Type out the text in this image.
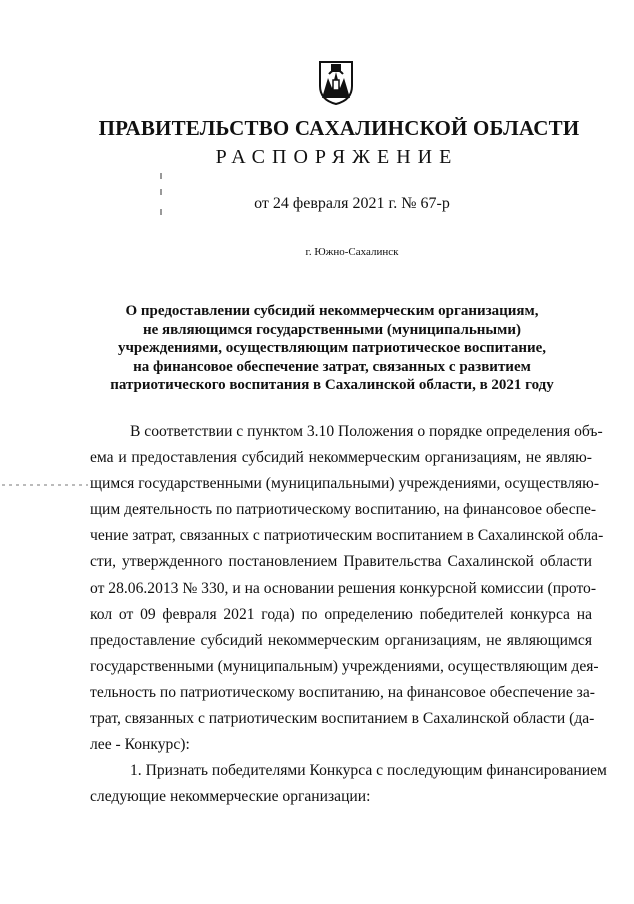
ПРАВИТЕЛЬСТВО САХАЛИНСКОЙ ОБЛАСТИ
РАСПОРЯЖЕНИЕ
от 24 февраля 2021 г. № 67-р
г. Южно-Сахалинск
О предоставлении субсидий некоммерческим организациям,
не являющимся государственными (муниципальными)
учреждениями, осуществляющим патриотическое воспитание,
на финансовое обеспечение затрат, связанных с развитием
патриотического воспитания в Сахалинской области, в 2021 году
В соответствии с пунктом 3.10 Положения о порядке определения объ-
ема и предоставления субсидий некоммерческим организациям, не являю-
щимся государственными (муниципальными) учреждениями, осуществляю-
щим деятельность по патриотическому воспитанию, на финансовое обеспе-
чение затрат, связанных с патриотическим воспитанием в Сахалинской обла-
сти, утвержденного постановлением Правительства Сахалинской области
от 28.06.2013 № 330, и на основании решения конкурсной комиссии (прото-
кол от 09 февраля 2021 года) по определению победителей конкурса на
предоставление субсидий некоммерческим организациям, не являющимся
государственными (муниципальным) учреждениями, осуществляющим дея-
тельность по патриотическому воспитанию, на финансовое обеспечение за-
трат, связанных с патриотическим воспитанием в Сахалинской области (да-
лее - Конкурс):
1. Признать победителями Конкурса с последующим финансированием
следующие некоммерческие организации:
